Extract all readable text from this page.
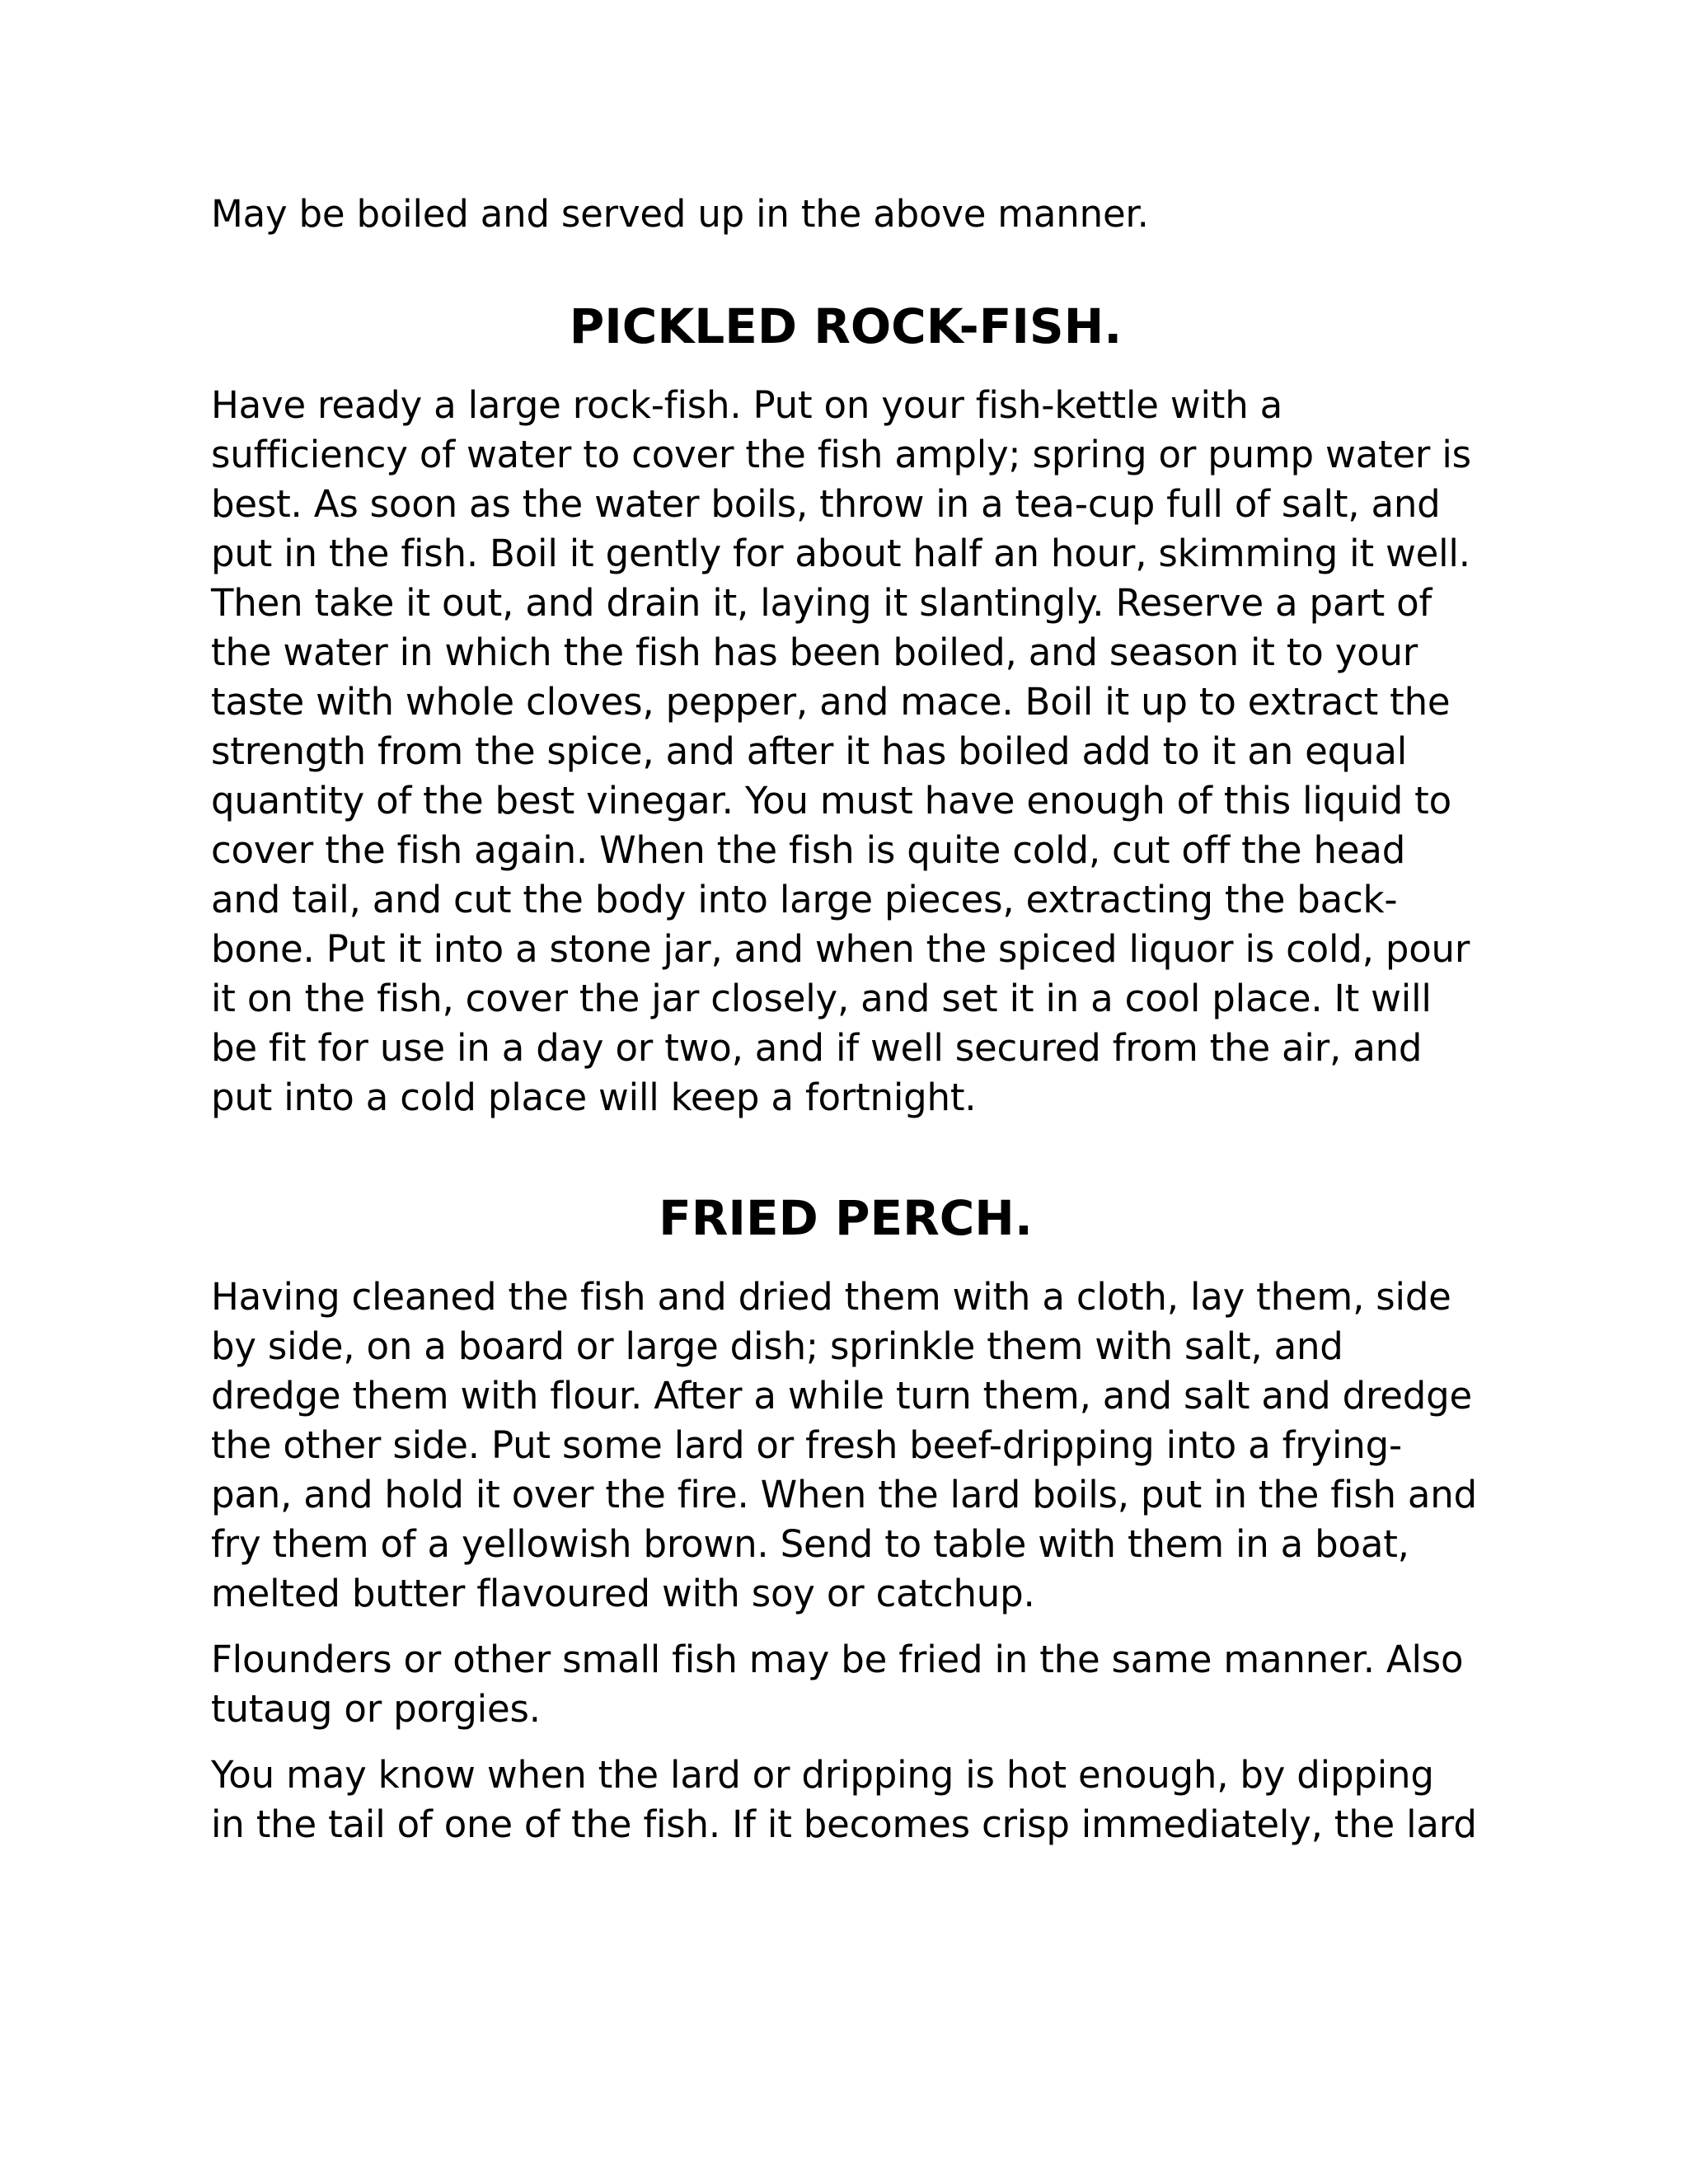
May be boiled and served up in the above manner.

PICKLED ROCK-FISH.

Have ready a large rock-fish. Put on your fish-kettle with a
sufficiency of water to cover the fish amply; spring or pump water is
best. As soon as the water boils, throw in a tea-cup full of salt, and
put in the fish. Boil it gently for about half an hour, skimming it well.
Then take it out, and drain it, laying it slantingly. Reserve a part of
the water in which the fish has been boiled, and season it to your
taste with whole cloves, pepper, and mace. Boil it up to extract the
strength from the spice, and after it has boiled add to it an equal
quantity of the best vinegar. You must have enough of this liquid to
cover the fish again. When the fish is quite cold, cut off the head
and tail, and cut the body into large pieces, extracting the back-
bone. Put it into a stone jar, and when the spiced liquor is cold, pour
it on the fish, cover the jar closely, and set it in a cool place. It will
be fit for use in a day or two, and if well secured from the air, and
put into a cold place will keep a fortnight.

FRIED PERCH.

Having cleaned the fish and dried them with a cloth, lay them, side
by side, on a board or large dish; sprinkle them with salt, and
dredge them with flour. After a while turn them, and salt and dredge
the other side. Put some lard or fresh beef-dripping into a frying-
pan, and hold it over the fire. When the lard boils, put in the fish and
fry them of a yellowish brown. Send to table with them in a boat,
melted butter flavoured with soy or catchup.

Flounders or other small fish may be fried in the same manner. Also
tutaug or porgies.

You may know when the lard or dripping is hot enough, by dipping
in the tail of one of the fish. If it becomes crisp immediately, the lard
